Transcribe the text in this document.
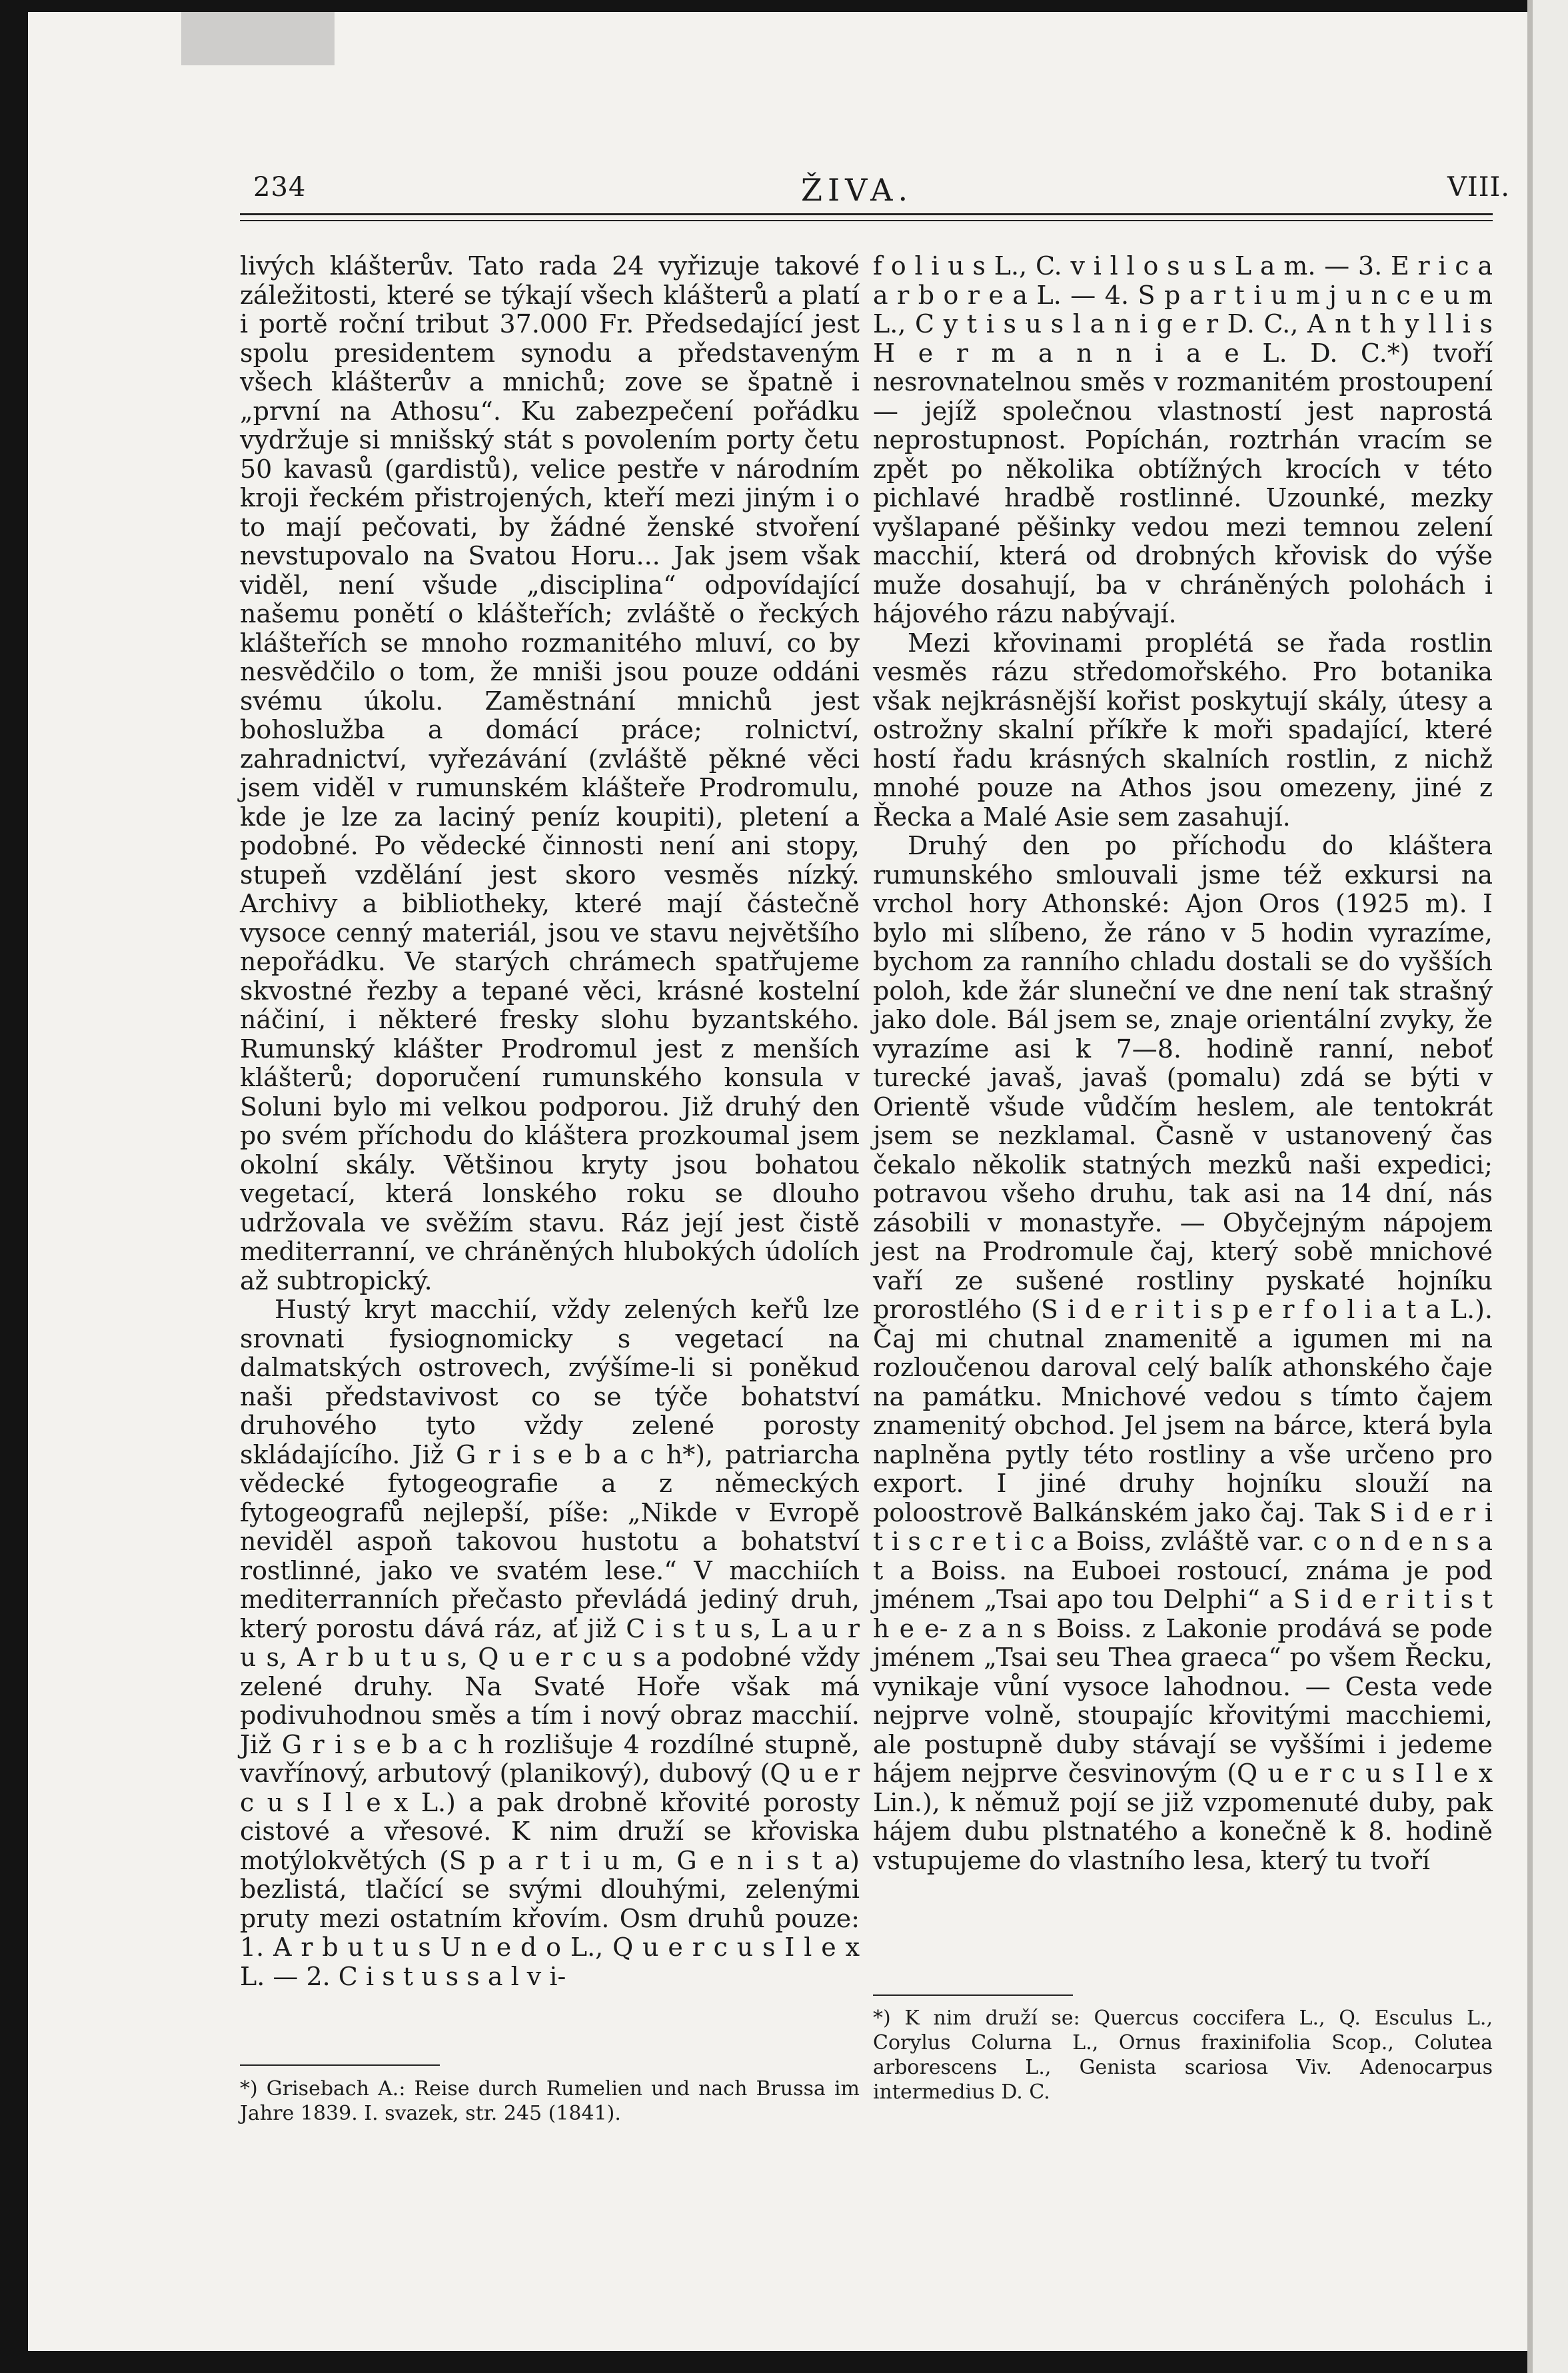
234	ŽIVA.	VIII.

livých klášterův. Tato rada 24 vyřizuje takové záležitosti, které se týkají všech klášterů a platí i portě roční tribut 37.000 Fr. Předsedající jest spolu presidentem synodu a představeným všech klášterův a mnichů; zove se špatně i „první na Athosu“. Ku zabezpečení pořádku vydržuje si mnišský stát s povolením porty četu 50 kavasů (gardistů), velice pestře v národním kroji řeckém přistrojených, kteří mezi jiným i o to mají pečovati, by žádné ženské stvoření nevstupovalo na Svatou Horu... Jak jsem však viděl, není všude „disciplina“ odpovídající našemu ponětí o klášteřích; zvláště o řeckých klášteřích se mnoho rozmanitého mluví, co by nesvědčilo o tom, že mniši jsou pouze oddáni svému úkolu. Zaměstnání mnichů jest bohoslužba a domácí práce; rolnictví, zahradnictví, vyřezávání (zvláště pěkné věci jsem viděl v rumunském klášteře Prodromulu, kde je lze za laciný peníz koupiti), pletení a podobné. Po vědecké činnosti není ani stopy, stupeň vzdělání jest skoro vesměs nízký. Archivy a bibliotheky, které mají částečně vysoce cenný materiál, jsou ve stavu největšího nepořádku. Ve starých chrámech spatřujeme skvostné řezby a tepané věci, krásné kostelní náčiní, i některé fresky slohu byzantského. Rumunský klášter Prodromul jest z menších klášterů; doporučení rumunského konsula v Soluni bylo mi velkou podporou. Již druhý den po svém příchodu do kláštera prozkoumal jsem okolní skály. Většinou kryty jsou bohatou vegetací, která lonského roku se dlouho udržovala ve svěžím stavu. Ráz její jest čistě mediterranní, ve chráněných hlubokých údolích až subtropický.

Hustý kryt macchií, vždy zelených keřů lze srovnati fysiognomicky s vegetací na dalmatských ostrovech, zvýšíme-li si poněkud naši představivost co se týče bohatství druhového tyto vždy zelené porosty skládajícího. Již G r i s e b a c h*), patriarcha vědecké fytogeografie a z německých fytogeografů nejlepší, píše: „Nikde v Evropě neviděl aspoň takovou hustotu a bohatství rostlinné, jako ve svatém lese.“ V macchiích mediterranních přečasto převládá jediný druh, který porostu dává ráz, ať již C i s t u s, L a u r u s, A r b u t u s, Q u e r c u s a podobné vždy zelené druhy. Na Svaté Hoře však má podivuhodnou směs a tím i nový obraz macchií. Již G r i s e b a c h rozlišuje 4 rozdílné stupně, vavřínový, arbutový (planikový), dubový (Q u e r c u s I l e x L.) a pak drobně křovité porosty cistové a vřesové. K nim druží se křoviska motýlokvětých (S p a r t i u m, G e n i s t a) bezlistá, tlačící se svými dlouhými, zelenými pruty mezi ostatním křovím. Osm druhů pouze: 1. A r b u t u s U n e d o L., Q u e r c u s I l e x L. — 2. C i s t u s s a l v i-

f o l i u s L., C. v i l l o s u s L a m. — 3. E r i c a a r b o r e a L. — 4. S p a r t i u m j u n c e u m L., C y t i s u s l a n i g e r D. C., A n t h y l l i s H e r m a n n i a e L. D. C.*) tvoří nesrovnatelnou směs v rozmanitém prostoupení — jejíž společnou vlastností jest naprostá neprostupnost. Popíchán, roztrhán vracím se zpět po několika obtížných krocích v této pichlavé hradbě rostlinné. Uzounké, mezky vyšlapané pěšinky vedou mezi temnou zelení macchií, která od drobných křovisk do výše muže dosahují, ba v chráněných polohách i hájového rázu nabývají.

Mezi křovinami proplétá se řada rostlin vesměs rázu středomořského. Pro botanika však nejkrásnější kořist poskytují skály, útesy a ostrožny skalní příkře k moři spadající, které hostí řadu krásných skalních rostlin, z nichž mnohé pouze na Athos jsou omezeny, jiné z Řecka a Malé Asie sem zasahují.

Druhý den po příchodu do kláštera rumunského smlouvali jsme též exkursi na vrchol hory Athonské: Ajon Oros (1925 m). I bylo mi slíbeno, že ráno v 5 hodin vyrazíme, bychom za ranního chladu dostali se do vyšších poloh, kde žár sluneční ve dne není tak strašný jako dole. Bál jsem se, znaje orientální zvyky, že vyrazíme asi k 7—8. hodině ranní, neboť turecké javaš, javaš (pomalu) zdá se býti v Orientě všude vůdčím heslem, ale tentokrát jsem se nezklamal. Časně v ustanovený čas čekalo několik statných mezků naši expedici; potravou všeho druhu, tak asi na 14 dní, nás zásobili v monastyře. — Obyčejným nápojem jest na Prodromule čaj, který sobě mnichové vaří ze sušené rostliny pyskaté hojníku prorostlého (S i d e r i t i s p e r f o l i a t a L.). Čaj mi chutnal znamenitě a igumen mi na rozloučenou daroval celý balík athonského čaje na památku. Mnichové vedou s tímto čajem znamenitý obchod. Jel jsem na bárce, která byla naplněna pytly této rostliny a vše určeno pro export. I jiné druhy hojníku slouží na poloostrově Balkánském jako čaj. Tak S i d e r i t i s c r e t i c a Boiss, zvláště var. c o n d e n s a t a Boiss. na Euboei rostoucí, známa je pod jménem „Tsai apo tou Delphi“ a S i d e r i t i s t h e e- z a n s Boiss. z Lakonie prodává se pode jménem „Tsai seu Thea graeca“ po všem Řecku, vynikaje vůní vysoce lahodnou. — Cesta vede nejprve volně, stoupajíc křovitými macchiemi, ale postupně duby stávají se vyššími i jedeme hájem nejprve česvinovým (Q u e r c u s I l e x Lin.), k němuž pojí se již vzpomenuté duby, pak hájem dubu plstnatého a konečně k 8. hodině vstupujeme do vlastního lesa, který tu tvoří

*) Grisebach A.: Reise durch Rumelien und nach Brussa im Jahre 1839. I. svazek, str. 245 (1841).
*) K nim druží se: Quercus coccifera L., Q. Esculus L., Corylus Colurna L., Ornus fraxinifolia Scop., Colutea arborescens L., Genista scariosa Viv. Adenocarpus intermedius D. C.
